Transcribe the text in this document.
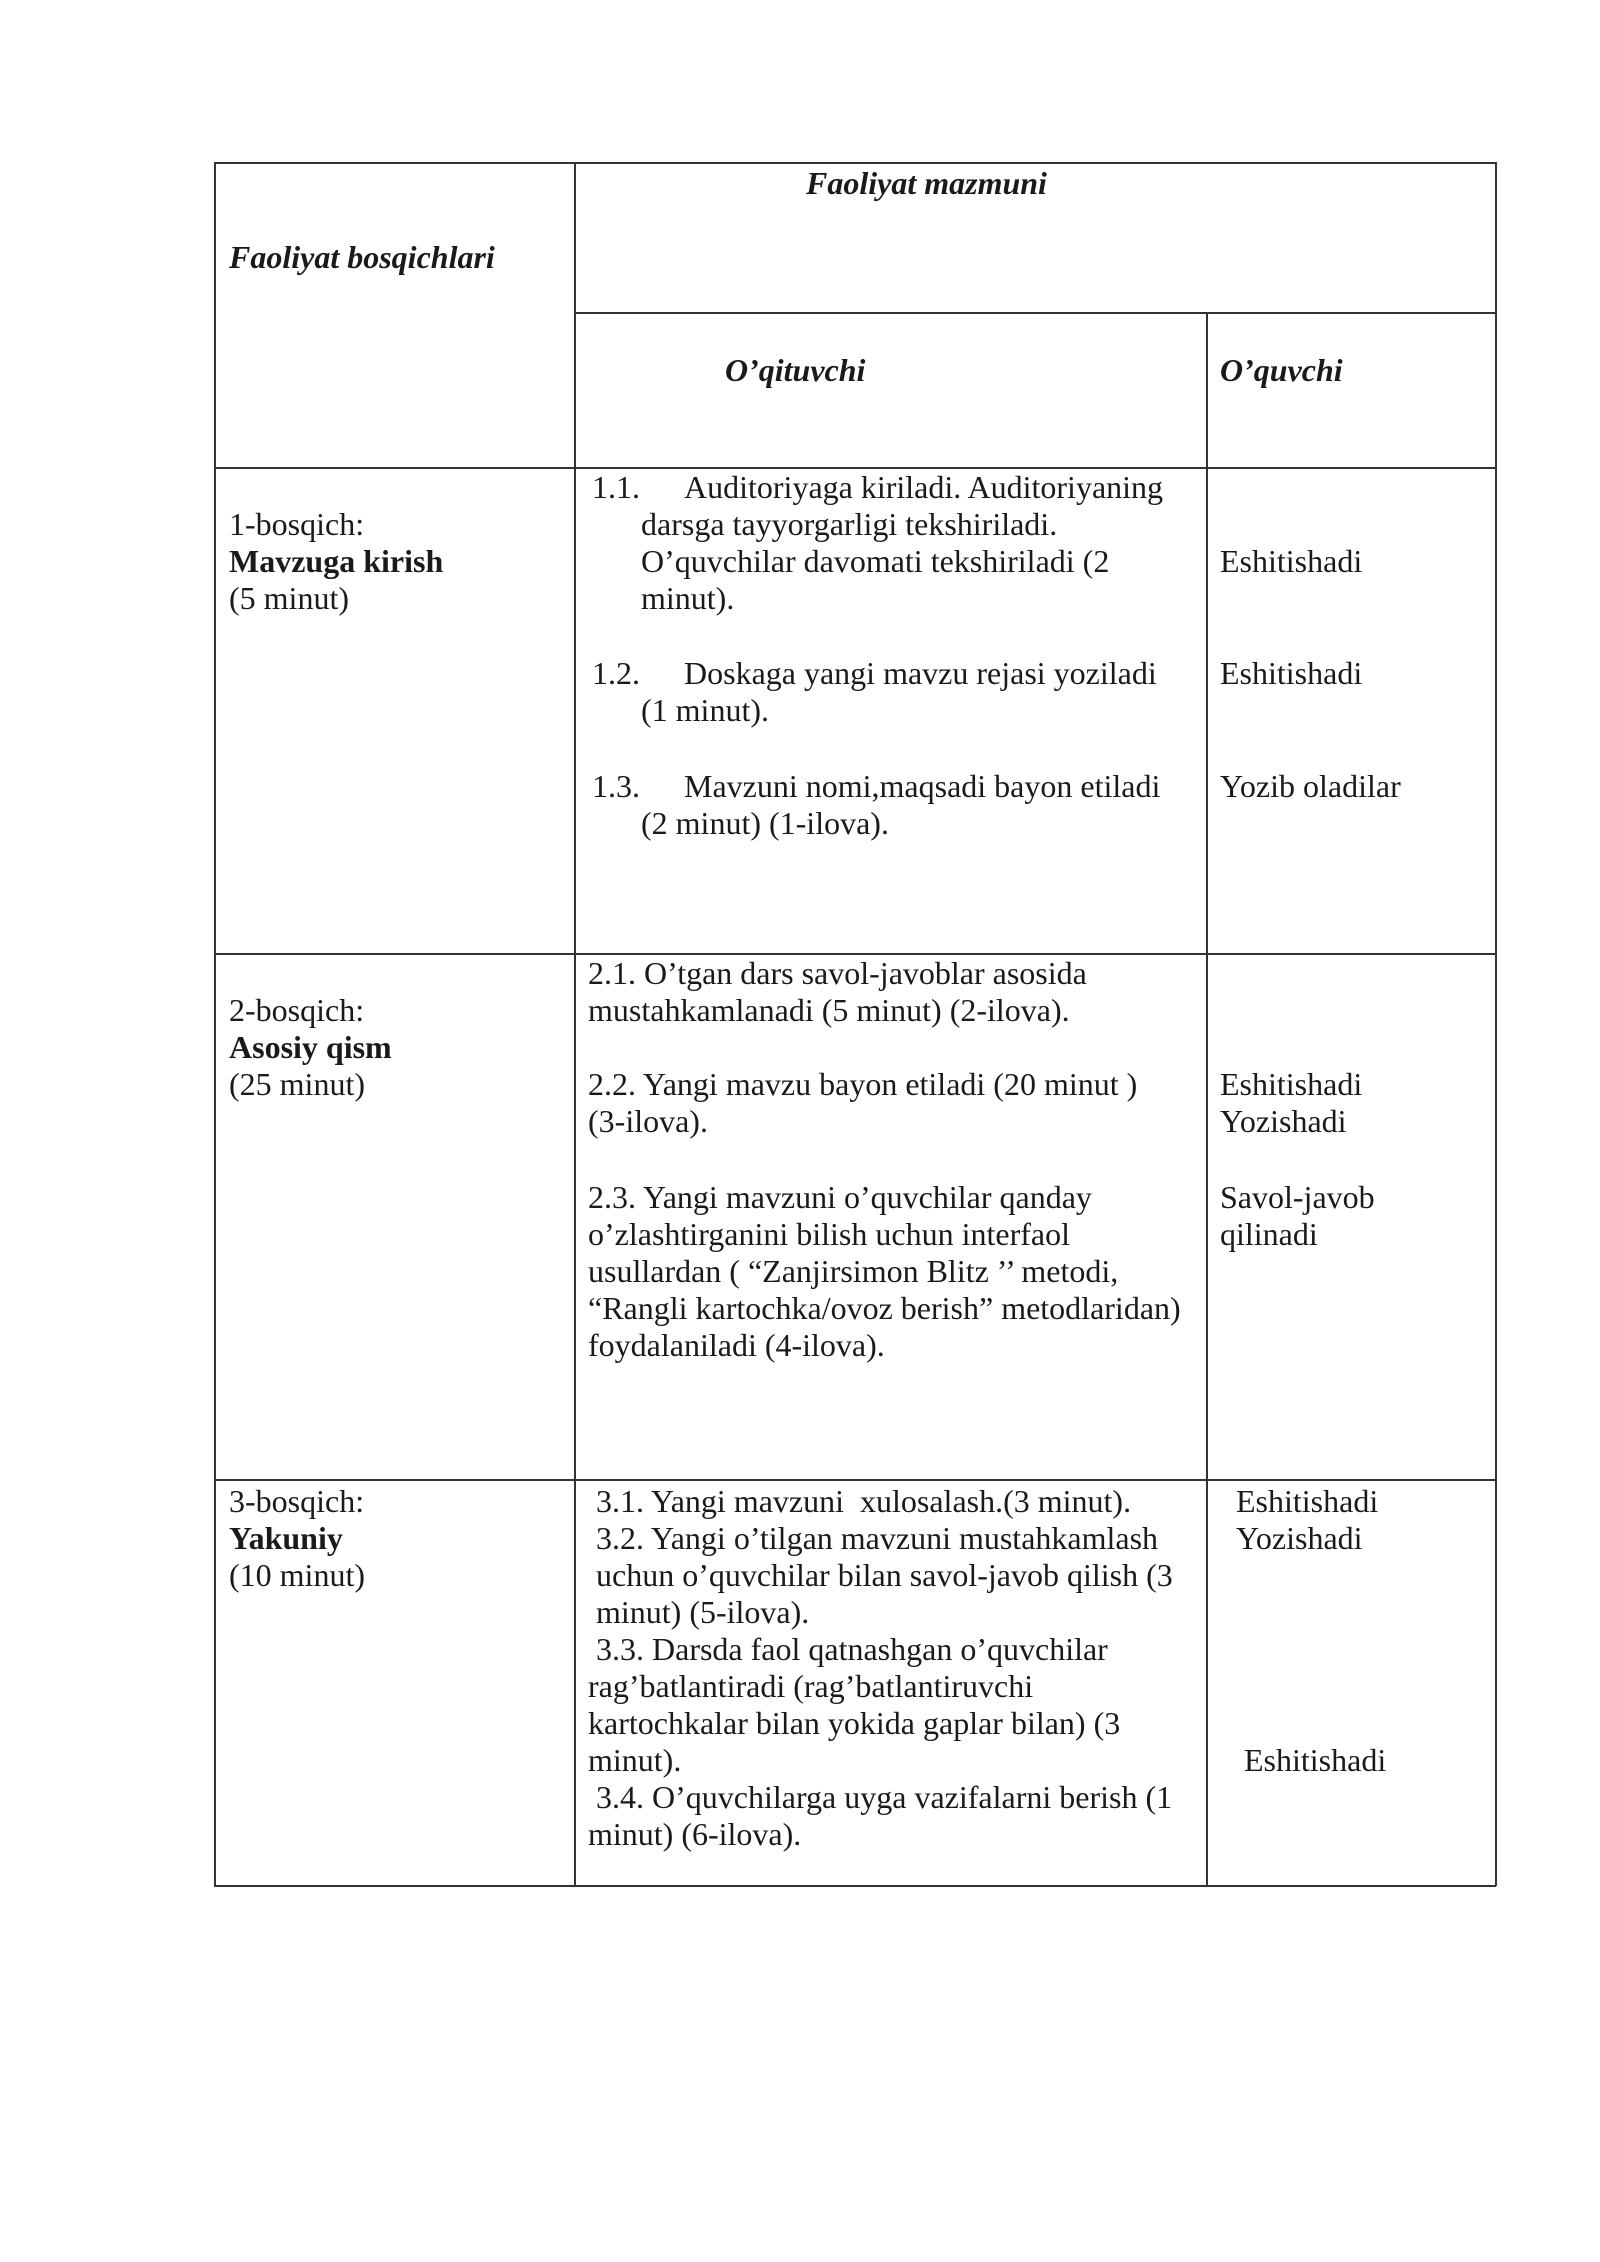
Faoliyat bosqichlari
Faoliyat mazmuni
O’qituvchi	O’quvchi
1-bosqich:
Mavzuga kirish
(5 minut)
1.1. Auditoriyaga kiriladi. Auditoriyaning
darsga tayyorgarligi tekshiriladi.
O’quvchilar davomati tekshiriladi (2
minut).
1.2. Doskaga yangi mavzu rejasi yoziladi
(1 minut).
1.3. Mavzuni nomi,maqsadi bayon etiladi
(2 minut) (1-ilova).
Eshitishadi
Eshitishadi
Yozib oladilar
2-bosqich:
Asosiy qism
(25 minut)
2.1. O’tgan dars savol-javoblar asosida
mustahkamlanadi (5 minut) (2-ilova).
2.2. Yangi mavzu bayon etiladi (20 minut )
(3-ilova).
2.3. Yangi mavzuni o’quvchilar qanday
o’zlashtirganini bilish uchun interfaol
usullardan ( “Zanjirsimon Blitz ’’ metodi,
“Rangli kartochka/ovoz berish” metodlaridan)
foydalaniladi (4-ilova).
Eshitishadi
Yozishadi
Savol-javob
qilinadi
3-bosqich:
Yakuniy
(10 minut)
3.1. Yangi mavzuni  xulosalash.(3 minut).
3.2. Yangi o’tilgan mavzuni mustahkamlash
uchun o’quvchilar bilan savol-javob qilish (3
minut) (5-ilova).
3.3. Darsda faol qatnashgan o’quvchilar
rag’batlantiradi (rag’batlantiruvchi
kartochkalar bilan yokida gaplar bilan) (3
minut).
3.4. O’quvchilarga uyga vazifalarni berish (1
minut) (6-ilova).
Eshitishadi
Yozishadi
Eshitishadi
